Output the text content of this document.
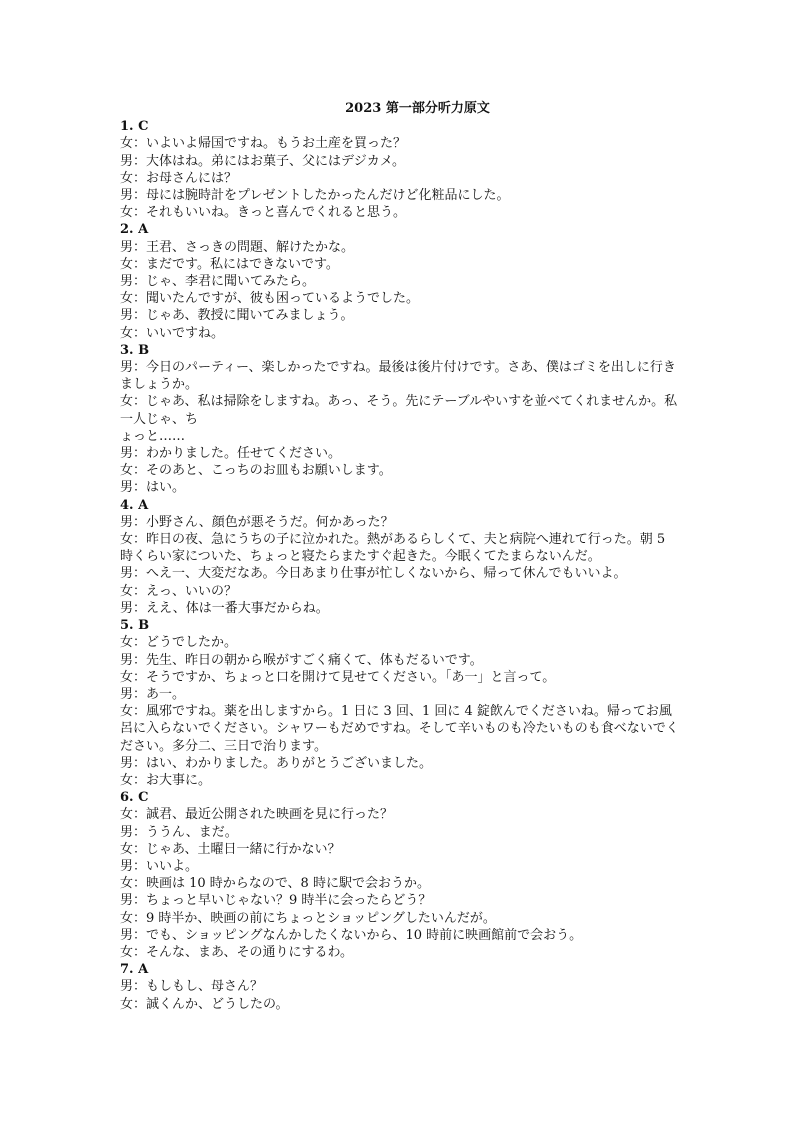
2023 第一部分听力原文
1. C
女：いよいよ帰国ですね。もうお土産を買った？
男：大体はね。弟にはお菓子、父にはデジカメ。
女：お母さんには？
男：母には腕時計をプレゼントしたかったんだけど化粧品にした。
女：それもいいね。きっと喜んでくれると思う。
2. A
男：王君、さっきの問題、解けたかな。
女：まだです。私にはできないです。
男：じゃ、李君に聞いてみたら。
女：聞いたんですが、彼も困っているようでした。
男：じゃあ、教授に聞いてみましょう。
女：いいですね。
3. B
男：今日のパーティー、楽しかったですね。最後は後片付けです。さあ、僕はゴミを出しに行きましょうか。
女：じゃあ、私は掃除をしますね。あっ、そう。先にテーブルやいすを並べてくれませんか。私一人じゃ、ち
ょっと……
男：わかりました。任せてください。
女：そのあと、こっちのお皿もお願いします。
男：はい。
4. A
男：小野さん、顔色が悪そうだ。何かあった？
女：昨日の夜、急にうちの子に泣かれた。熱があるらしくて、夫と病院へ連れて行った。朝 5 時くらい家についた、ちょっと寝たらまたすぐ起きた。今眠くてたまらないんだ。
男：へえ一、大変だなあ。今日あまり仕事が忙しくないから、帰って休んでもいいよ。
女：えっ、いいの？
男：ええ、体は一番大事だからね。
5. B
女：どうでしたか。
男：先生、昨日の朝から喉がすごく痛くて、体もだるいです。
女：そうですか、ちょっと口を開けて見せてください。「あ一」と言って。
男：あ一。
女：風邪ですね。薬を出しますから。1 日に 3 回、1 回に 4 錠飲んでくださいね。帰ってお風呂に入らないでください。シャワーもだめですね。そして辛いものも冷たいものも食べないでください。多分二、三日で治ります。
男：はい、わかりました。ありがとうございました。
女：お大事に。
6. C
女：誠君、最近公開された映画を見に行った？
男：ううん、まだ。
女：じゃあ、土曜日一緒に行かない？
男：いいよ。
女：映画は 10 時からなので、8 時に駅で会おうか。
男：ちょっと早いじゃない？9 時半に会ったらどう？
女：9 時半か、映画の前にちょっとショッピングしたいんだが。
男：でも、ショッピングなんかしたくないから、10 時前に映画館前で会おう。
女：そんな、まあ、その通りにするわ。
7. A
男：もしもし、母さん？
女：誠くんか、どうしたの。
